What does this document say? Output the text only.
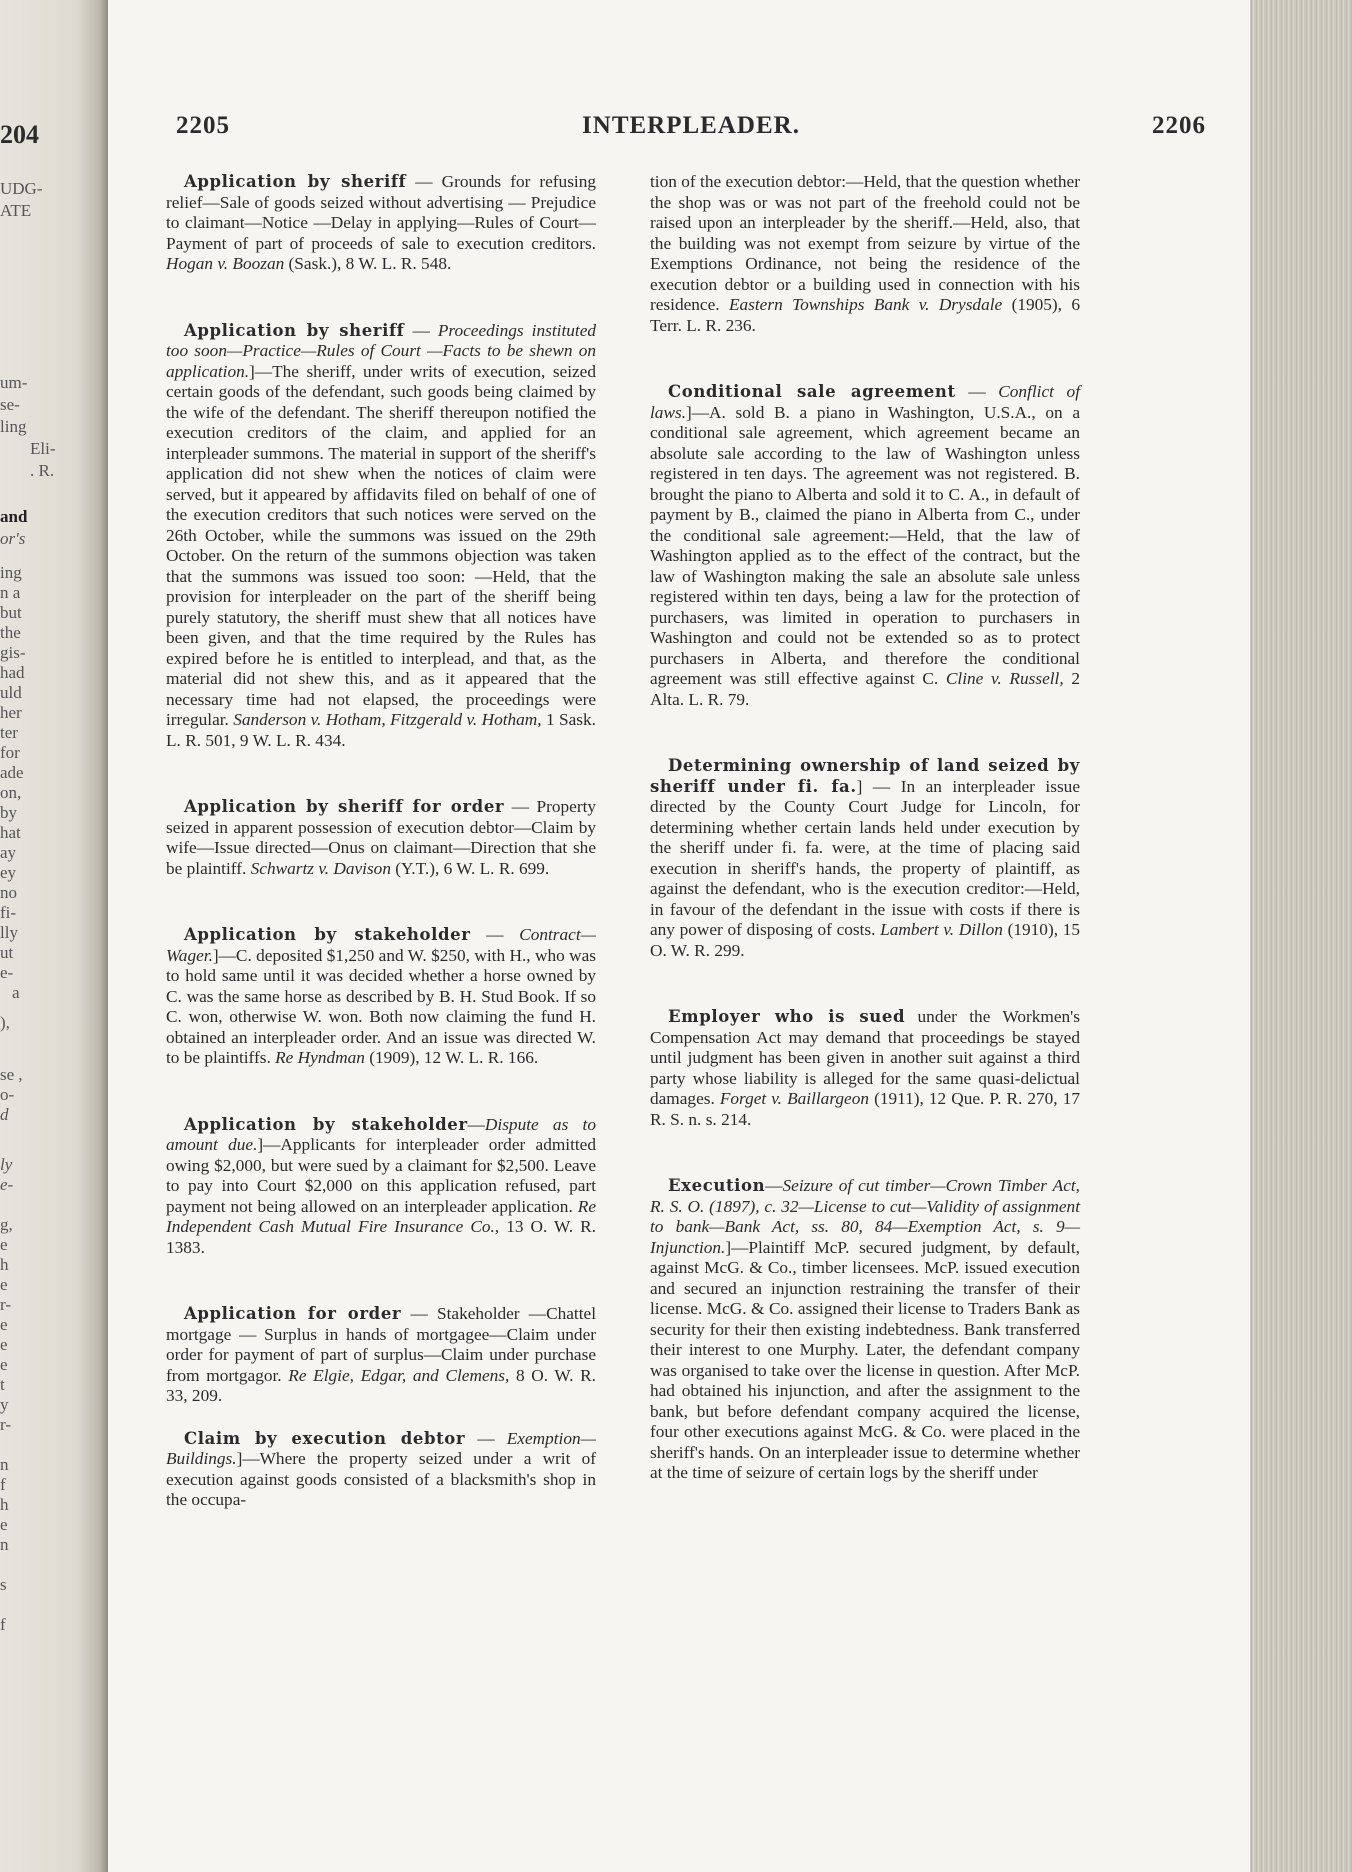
204
UDG-
ATE
um-
se-
ling
Eli-
. R.
and
or's
ing
n a
but
the
gis-
had
uld
her
ter
for
ade
on,
by
hat
ay
ey
no
fi-
lly
ut
e-
a
),
se ,
o-
d
ly
e-
g,
e
h
e
r-
e
e
e
t
y
r-
n
f
h
e
n
s
f
2205	INTERPLEADER.	2206

Application by sheriff — Grounds for refusing relief—Sale of goods seized without advertising — Prejudice to claimant—Notice —Delay in applying—Rules of Court—Payment of part of proceeds of sale to execution creditors. Hogan v. Boozan (Sask.), 8 W. L. R. 548.

Application by sheriff — Proceedings instituted too soon—Practice—Rules of Court —Facts to be shewn on application.]—The sheriff, under writs of execution, seized certain goods of the defendant, such goods being claimed by the wife of the defendant. The sheriff thereupon notified the execution creditors of the claim, and applied for an interpleader summons. The material in support of the sheriff's application did not shew when the notices of claim were served, but it appeared by affidavits filed on behalf of one of the execution creditors that such notices were served on the 26th October, while the summons was issued on the 29th October. On the return of the summons objection was taken that the summons was issued too soon: —Held, that the provision for interpleader on the part of the sheriff being purely statutory, the sheriff must shew that all notices have been given, and that the time required by the Rules has expired before he is entitled to interplead, and that, as the material did not shew this, and as it appeared that the necessary time had not elapsed, the proceedings were irregular. Sanderson v. Hotham, Fitzgerald v. Hotham, 1 Sask. L. R. 501, 9 W. L. R. 434.

Application by sheriff for order — Property seized in apparent possession of execution debtor—Claim by wife—Issue directed—Onus on claimant—Direction that she be plaintiff. Schwartz v. Davison (Y.T.), 6 W. L. R. 699.

Application by stakeholder — Contract—Wager.]—C. deposited $1,250 and W. $250, with H., who was to hold same until it was decided whether a horse owned by C. was the same horse as described by B. H. Stud Book. If so C. won, otherwise W. won. Both now claiming the fund H. obtained an interpleader order. And an issue was directed W. to be plaintiffs. Re Hyndman (1909), 12 W. L. R. 166.

Application by stakeholder—Dispute as to amount due.]—Applicants for interpleader order admitted owing $2,000, but were sued by a claimant for $2,500. Leave to pay into Court $2,000 on this application refused, part payment not being allowed on an interpleader application. Re Independent Cash Mutual Fire Insurance Co., 13 O. W. R. 1383.

Application for order — Stakeholder —Chattel mortgage — Surplus in hands of mortgagee—Claim under order for payment of part of surplus—Claim under purchase from mortgagor. Re Elgie, Edgar, and Clemens, 8 O. W. R. 33, 209.

Claim by execution debtor — Exemption—Buildings.]—Where the property seized under a writ of execution against goods consisted of a blacksmith's shop in the occupa-

tion of the execution debtor:—Held, that the question whether the shop was or was not part of the freehold could not be raised upon an interpleader by the sheriff.—Held, also, that the building was not exempt from seizure by virtue of the Exemptions Ordinance, not being the residence of the execution debtor or a building used in connection with his residence. Eastern Townships Bank v. Drysdale (1905), 6 Terr. L. R. 236.

Conditional sale agreement — Conflict of laws.]—A. sold B. a piano in Washington, U.S.A., on a conditional sale agreement, which agreement became an absolute sale according to the law of Washington unless registered in ten days. The agreement was not registered. B. brought the piano to Alberta and sold it to C. A., in default of payment by B., claimed the piano in Alberta from C., under the conditional sale agreement:—Held, that the law of Washington applied as to the effect of the contract, but the law of Washington making the sale an absolute sale unless registered within ten days, being a law for the protection of purchasers, was limited in operation to purchasers in Washington and could not be extended so as to protect purchasers in Alberta, and therefore the conditional agreement was still effective against C. Cline v. Russell, 2 Alta. L. R. 79.

Determining ownership of land seized by sheriff under fi. fa.] — In an interpleader issue directed by the County Court Judge for Lincoln, for determining whether certain lands held under execution by the sheriff under fi. fa. were, at the time of placing said execution in sheriff's hands, the property of plaintiff, as against the defendant, who is the execution creditor:—Held, in favour of the defendant in the issue with costs if there is any power of disposing of costs. Lambert v. Dillon (1910), 15 O. W. R. 299.

Employer who is sued under the Workmen's Compensation Act may demand that proceedings be stayed until judgment has been given in another suit against a third party whose liability is alleged for the same quasi-delictual damages. Forget v. Baillargeon (1911), 12 Que. P. R. 270, 17 R. S. n. s. 214.

Execution—Seizure of cut timber—Crown Timber Act, R. S. O. (1897), c. 32—License to cut—Validity of assignment to bank—Bank Act, ss. 80, 84—Exemption Act, s. 9—Injunction.]—Plaintiff McP. secured judgment, by default, against McG. & Co., timber licensees. McP. issued execution and secured an injunction restraining the transfer of their license. McG. & Co. assigned their license to Traders Bank as security for their then existing indebtedness. Bank transferred their interest to one Murphy. Later, the defendant company was organised to take over the license in question. After McP. had obtained his injunction, and after the assignment to the bank, but before defendant company acquired the license, four other executions against McG. & Co. were placed in the sheriff's hands. On an interpleader issue to determine whether at the time of seizure of certain logs by the sheriff under
